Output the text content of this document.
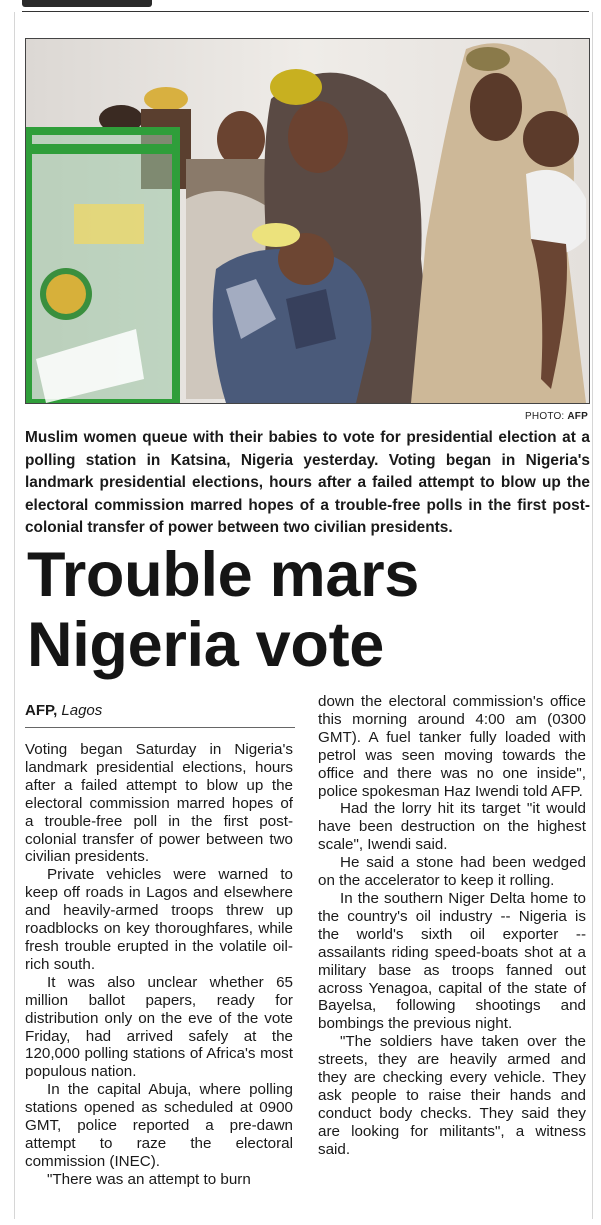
PHOTO: AFP
Muslim women queue with their babies to vote for presidential election at a polling station in Katsina, Nigeria yesterday. Voting began in Nigeria's landmark presidential elections, hours after a failed attempt to blow up the electoral commission marred hopes of a trouble-free polls in the first post-colonial transfer of power between two civilian presidents.
Trouble mars
Nigeria vote
AFP, Lagos

Voting began Saturday in Nigeria's landmark presidential elections, hours after a failed attempt to blow up the electoral commission marred hopes of a trouble-free poll in the first post-colonial transfer of power between two civilian presidents.

Private vehicles were warned to keep off roads in Lagos and elsewhere and heavily-armed troops threw up roadblocks on key thoroughfares, while fresh trouble erupted in the volatile oil-rich south.

It was also unclear whether 65 million ballot papers, ready for distribution only on the eve of the vote Friday, had arrived safely at the 120,000 polling stations of Africa's most populous nation.

In the capital Abuja, where polling stations opened as scheduled at 0900 GMT, police reported a pre-dawn attempt to raze the electoral commission (INEC).

"There was an attempt to burn

down the electoral commission's office this morning around 4:00 am (0300 GMT). A fuel tanker fully loaded with petrol was seen moving towards the office and there was no one inside", police spokesman Haz Iwendi told AFP.

Had the lorry hit its target "it would have been destruction on the highest scale", Iwendi said.

He said a stone had been wedged on the accelerator to keep it rolling.

In the southern Niger Delta home to the country's oil industry -- Nigeria is the world's sixth oil exporter -- assailants riding speed-boats shot at a military base as troops fanned out across Yenagoa, capital of the state of Bayelsa, following shootings and bombings the previous night.

"The soldiers have taken over the streets, they are heavily armed and they are checking every vehicle. They ask people to raise their hands and conduct body checks. They said they are looking for militants", a witness said.
